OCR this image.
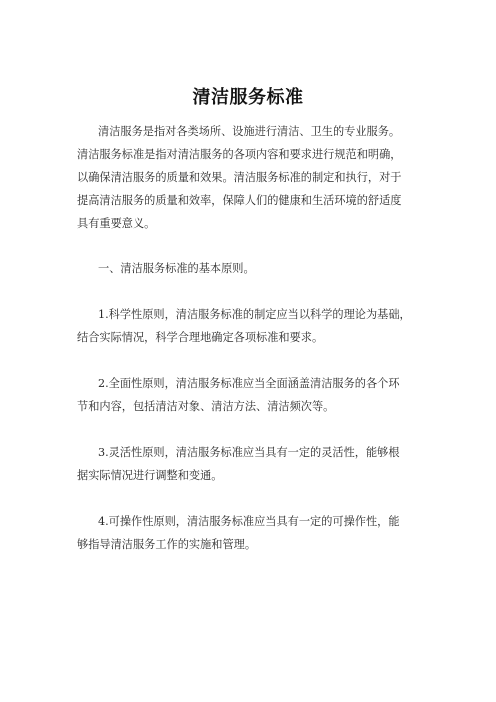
清洁服务标准

清洁服务是指对各类场所、设施进行清洁、卫生的专业服务。

清洁服务标准是指对清洁服务的各项内容和要求进行规范和明确，

以确保清洁服务的质量和效果。清洁服务标准的制定和执行，对于

提高清洁服务的质量和效率，保障人们的健康和生活环境的舒适度

具有重要意义。

一、清洁服务标准的基本原则。

1.科学性原则，清洁服务标准的制定应当以科学的理论为基础，

结合实际情况，科学合理地确定各项标准和要求。

2.全面性原则，清洁服务标准应当全面涵盖清洁服务的各个环

节和内容，包括清洁对象、清洁方法、清洁频次等。

3.灵活性原则，清洁服务标准应当具有一定的灵活性，能够根

据实际情况进行调整和变通。

4.可操作性原则，清洁服务标准应当具有一定的可操作性，能

够指导清洁服务工作的实施和管理。
